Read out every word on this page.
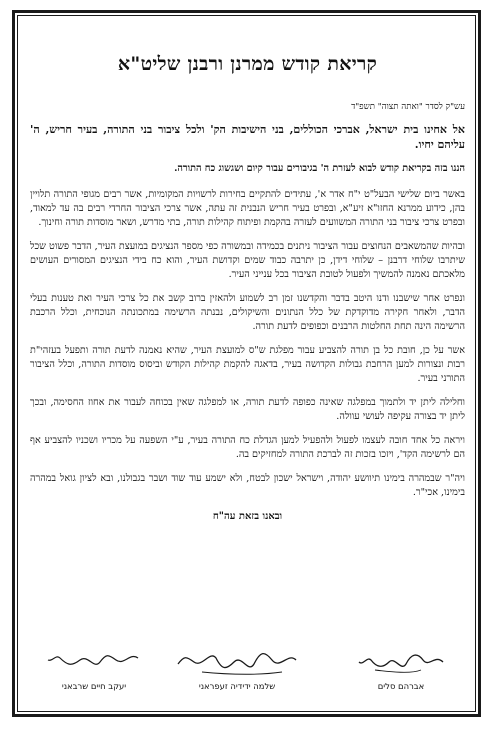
קריאת קודש ממרנן ורבנן שליט"א
עש"ק לסדר "ואתה תצוה" תשפ"ד
אל אחינו בית ישראל, אברכי הכוללים, בני הישיבות הק' ולכל ציבור בני התורה, בעיר חריש, ה' עליהם יחיו.
הננו בזה בקריאת קודש לבוא לעזרת ה' בגיבורים עבור קיום ושגשוג כח התורה.
באשר ביום שלישי הבעל"ט י"ח אדר א', עתידים להתקיים בחירות לרשויות המקומיות, אשר רבים מגופי התורה תלויין בהן, כידוע ממרנא החזו"א זיע"א, ובפרט בעיר חריש הנבנית זה עתה, אשר צרכי הציבור החרדי רבים בה עד למאוד, ובפרט צרכי ציבור בני התורה המשוועים לעזרה בהקמת ופיתוח קהילות תורה, בתי מדרש, ושאר מוסדות תורה וחינוך.
ובהיות שהמשאבים הנחוצים עבור הציבור ניתנים בכמידה ובמשורה כפי מספר הנציגים במועצת העיר, הדבר פשוט שכל שיתרבו שלוחי דרבנן – שלוחי דידן, כן יתרבה כבוד שמים וקדושת העיר, והוא כח בידי הנציגים המסורים העושים מלאכתם נאמנה להמשיך ולפעול לטובת הציבור בכל ענייני העיר.
ונפרט אחר שישבנו ודנו היטב בדבר והקדשנו זמן רב לשמוע ולהאזין ברוב קשב את כל צרכי העיר ואת טענות בעלי הדבר, ולאחר חקירה מדוקדקת של כלל הנתונים והשיקולים, נבנתה הרשימה במתכונתה הנוכחית, וכלל הרכבת הרשימה הינה תחת החלטות הרבנים וכפופים לדעת תורה.
אשר על כן, חובת כל בן תורה להצביע עבור מפלגת ש"ס למועצת העיר, שהיא נאמנה לדעת תורה ותפעל בעזהי"ת רבות ונצורות למען הרחבת גבולות הקדושה בעיר, בדאגה להקמת קהילות הקודש וביסוס מוסדות התורה, וכלל הציבור התורני בעיר.
וחלילה ליתן יד ולתמוך במפלגה שאינה כפופה לדעת תורה, או למפלגה שאין בכוחה לעבור את אחוז החסימה, ובכך ליתן יד בצורה עקיפה לעושי עוולה.
ויראה כל אחד חובה לעצמו לפעול ולהפעיל למען הגדלת כח התורה בעיר, ע"י השפעה על מכריו ושכניו להצביע אף הם לרשימה הקד', ויזכו בזכות זה לברכת התורה למחזיקים בה.
ויה"ר שבמהרה בימינו תיוושע יהודה, וישראל ישכון לבטח, ולא ישמע עוד שוד ושבר בגבולנו, ובא לציון גואל במהרה בימינו, אכי"ר.
ובאנו בזאת עה"ח
אברהם סלים
שלמה ידידיה זעפראני
יעקב חיים שרבאני
